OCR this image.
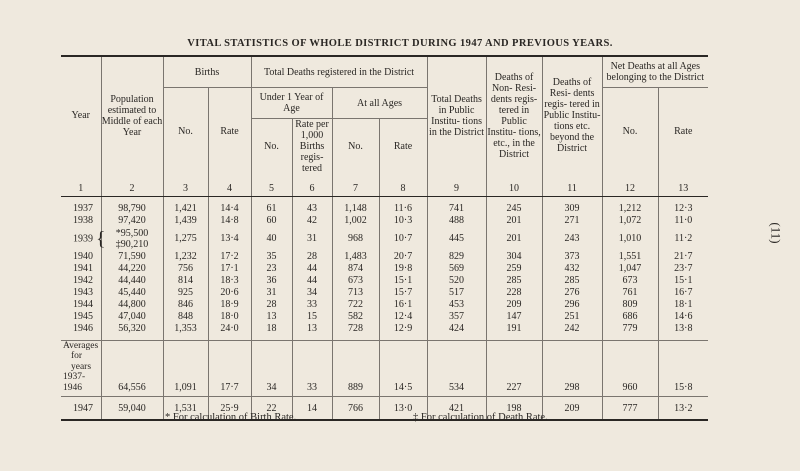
VITAL STATISTICS OF WHOLE DISTRICT DURING 1947 AND PREVIOUS YEARS.
(11)
Year	Population estimated to Middle of each Year	Births		Total Deaths registered in the District				Total Deaths in Public Institu- tions in the District	Deaths of Non- Resi- dents regis- tered in Public Institu- tions, etc., in the District	Deaths of Resi- dents regis- tered in Public Institu- tions etc. beyond the District	Net Deaths at all Ages belonging to the District	
		No.	Rate	Under 1 Year of Age		At all Ages					No.	Rate
				No.	Rate per 1,000 Births regis- tered	No.	Rate					
1	2	3	4	5	6	7	8	9	10	11	12	13

1937	98,790	1,421	14·4	61	43	1,148	11·6	741	245	309	1,212	12·3
1938	97,420	1,439	14·8	60	42	1,002	10·3	488	201	271	1,072	11·0
1939 {	*95,500
‡90,210	1,275	13·4	40	31	968	10·7	445	201	243	1,010	11·2
1940	71,590	1,232	17·2	35	28	1,483	20·7	829	304	373	1,551	21·7
1941	44,220	756	17·1	23	44	874	19·8	569	259	432	1,047	23·7
1942	44,440	814	18·3	36	44	673	15·1	520	285	285	673	15·1
1943	45,440	925	20·6	31	34	713	15·7	517	228	276	761	16·7
1944	44,800	846	18·9	28	33	722	16·1	453	209	296	809	18·1
1945	47,040	848	18·0	13	15	582	12·4	357	147	251	686	14·6
1946	56,320	1,353	24·0	18	13	728	12·9	424	191	242	779	13·8

Averages
for years
1937-1946	64,556	1,091	17·7	34	33	889	14·5	534	227	298	960	15·8
1947	59,040	1,531	25·9	22	14	766	13·0	421	198	209	777	13·2
* For calculation of Birth Rate.	‡ For calculation of Death Rate.
